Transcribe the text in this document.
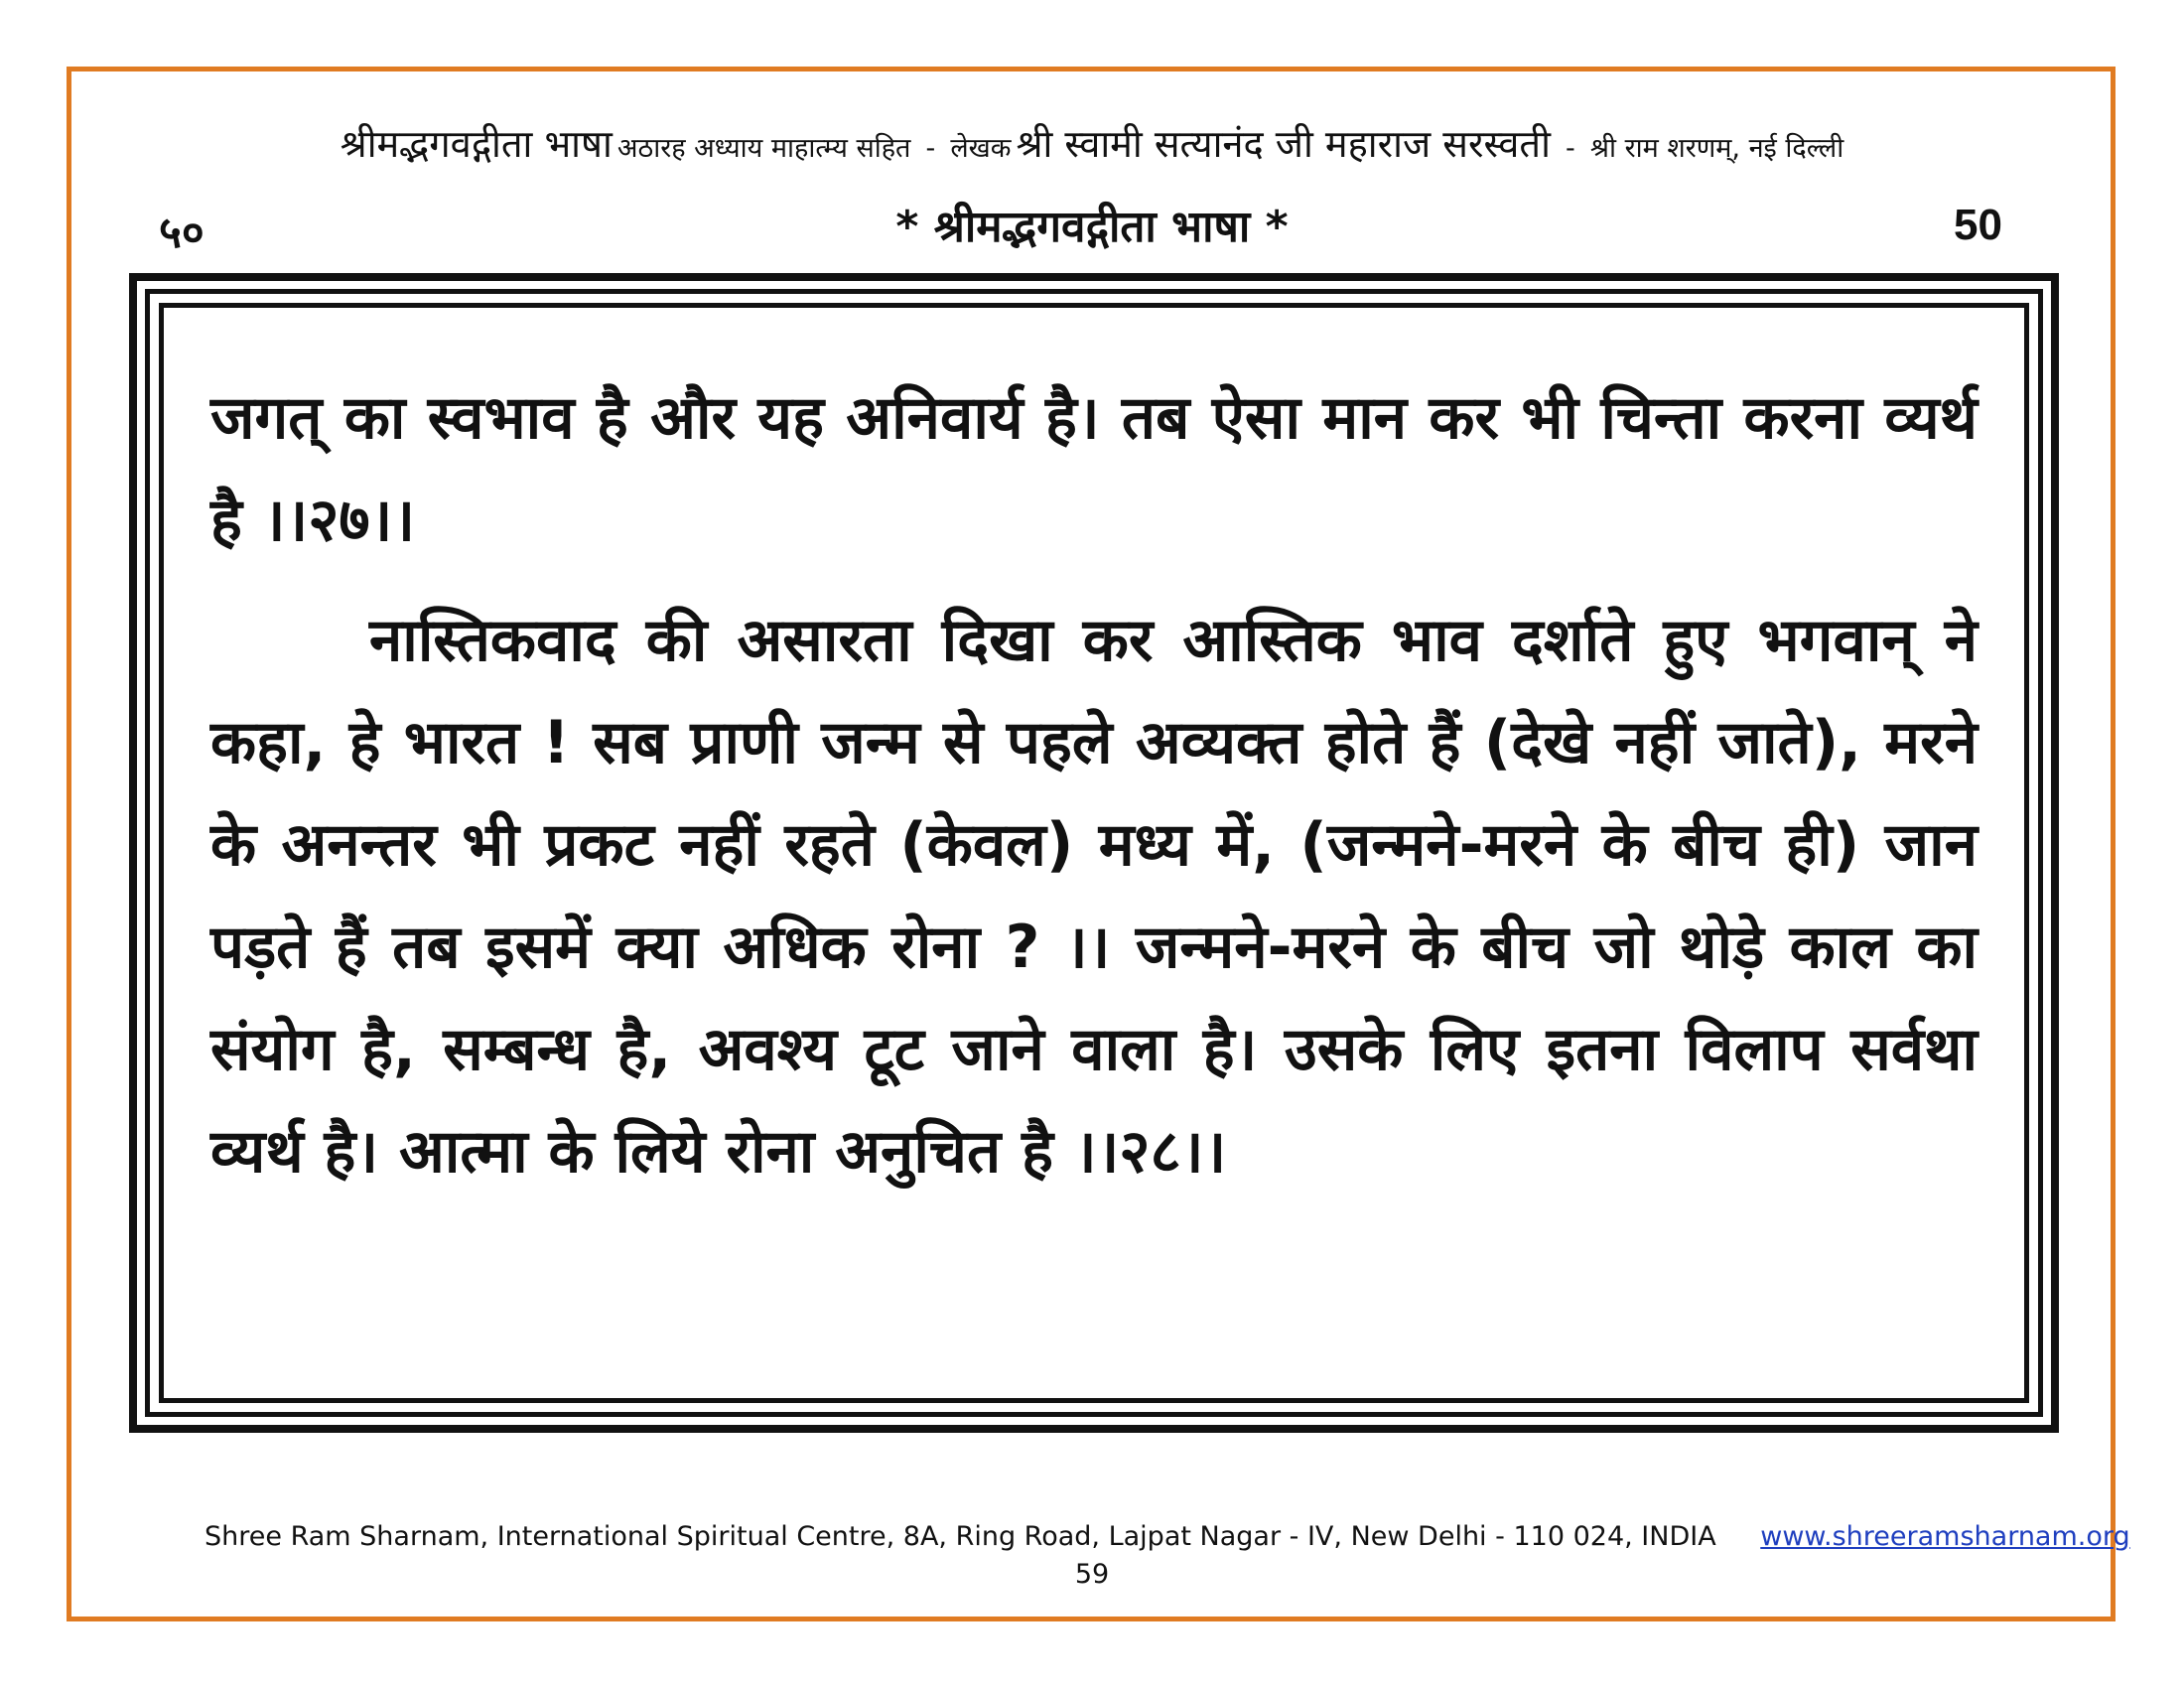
श्रीमद्भगवद्गीता भाषा अठारह अध्याय माहात्म्य सहित - लेखक श्री स्वामी सत्यानंद जी महाराज सरस्वती - श्री राम शरणम्, नई दिल्ली
५०	* श्रीमद्भगवद्गीता भाषा *	50

जगत् का स्वभाव है और यह अनिवार्य है। तब ऐसा मान कर भी चिन्ता करना व्यर्थ है ।।२७।।

नास्तिकवाद की असारता दिखा कर आस्तिक भाव दर्शाते हुए भगवान् ने कहा, हे भारत ! सब प्राणी जन्म से पहले अव्यक्त होते हैं (देखे नहीं जाते), मरने के अनन्तर भी प्रकट नहीं रहते (केवल) मध्य में, (जन्मने-मरने के बीच ही) जान पड़ते हैं तब इसमें क्या अधिक रोना ? ।। जन्मने-मरने के बीच जो थोड़े काल का संयोग है, सम्बन्ध है, अवश्य टूट जाने वाला है। उसके लिए इतना विलाप सर्वथा व्यर्थ है। आत्मा के लिये रोना अनुचित है ।।२८।।

Shree Ram Sharnam, International Spiritual Centre, 8A, Ring Road, Lajpat Nagar - IV, New Delhi - 110 024, INDIA www.shreeramsharnam.org
59
